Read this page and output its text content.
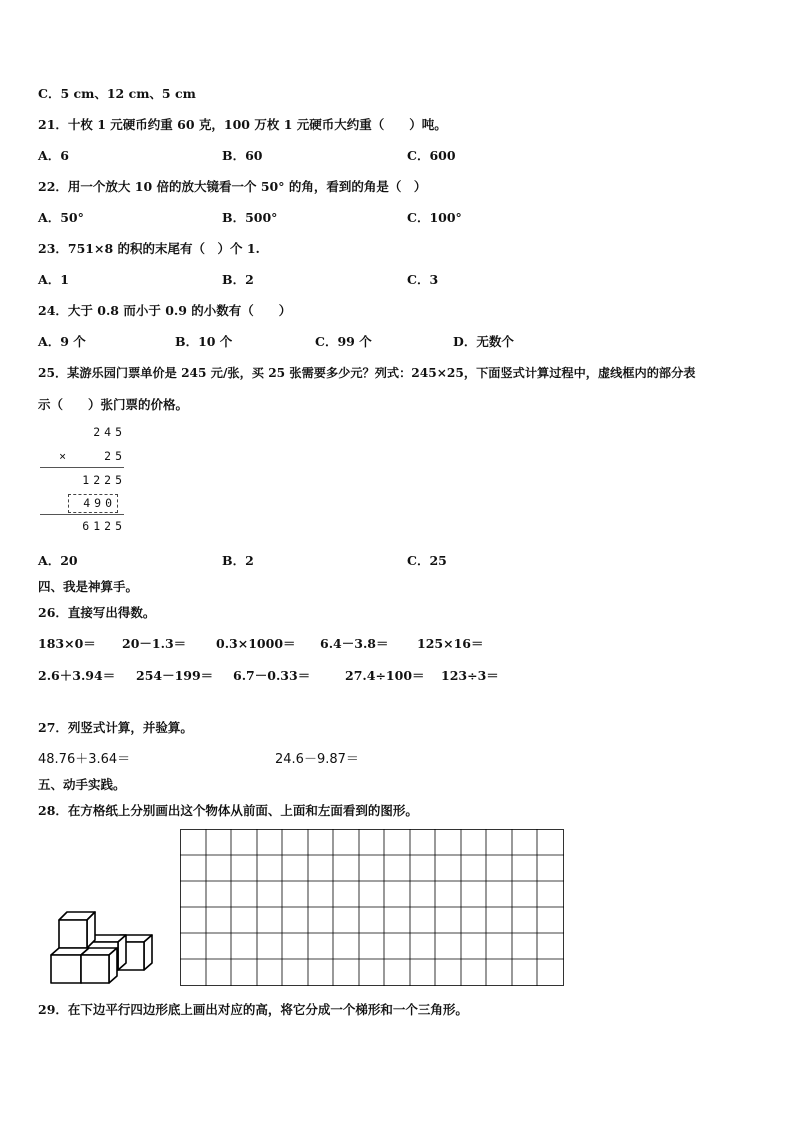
C．5 cm、12 cm、5 cm
21．十枚 1 元硬币约重 60 克，100 万枚 1 元硬币大约重（　　）吨。
A．6	B．60	C．600
22．用一个放大 10 倍的放大镜看一个 50° 的角，看到的角是（　）
A．50°	B．500°	C．100°
23．751×8 的积的末尾有（　）个 1.
A．1	B．2	C．3
24．大于 0.8 而小于 0.9 的小数有（　　）
A．9 个	B．10 个	C．99 个	D．无数个
25．某游乐园门票单价是 245 元/张，买 25 张需要多少元？列式：245×25，下面竖式计算过程中，虚线框内的部分表
示（　　）张门票的价格。
245
×	25
1225
490
6125
A．20	B．2	C．25
四、我是神算手。
26．直接写出得数。
183×0＝ 20－1.3＝ 0.3×1000＝ 6.4－3.8＝ 125×16＝
2.6＋3.94＝ 254－199＝ 6.7－0.33＝	27.4÷100＝ 123÷3＝
27．列竖式计算，并验算。
48.76＋3.64＝	24.6－9.87＝
五、动手实践。
28．在方格纸上分别画出这个物体从前面、上面和左面看到的图形。
29．在下边平行四边形底上画出对应的高，将它分成一个梯形和一个三角形。
